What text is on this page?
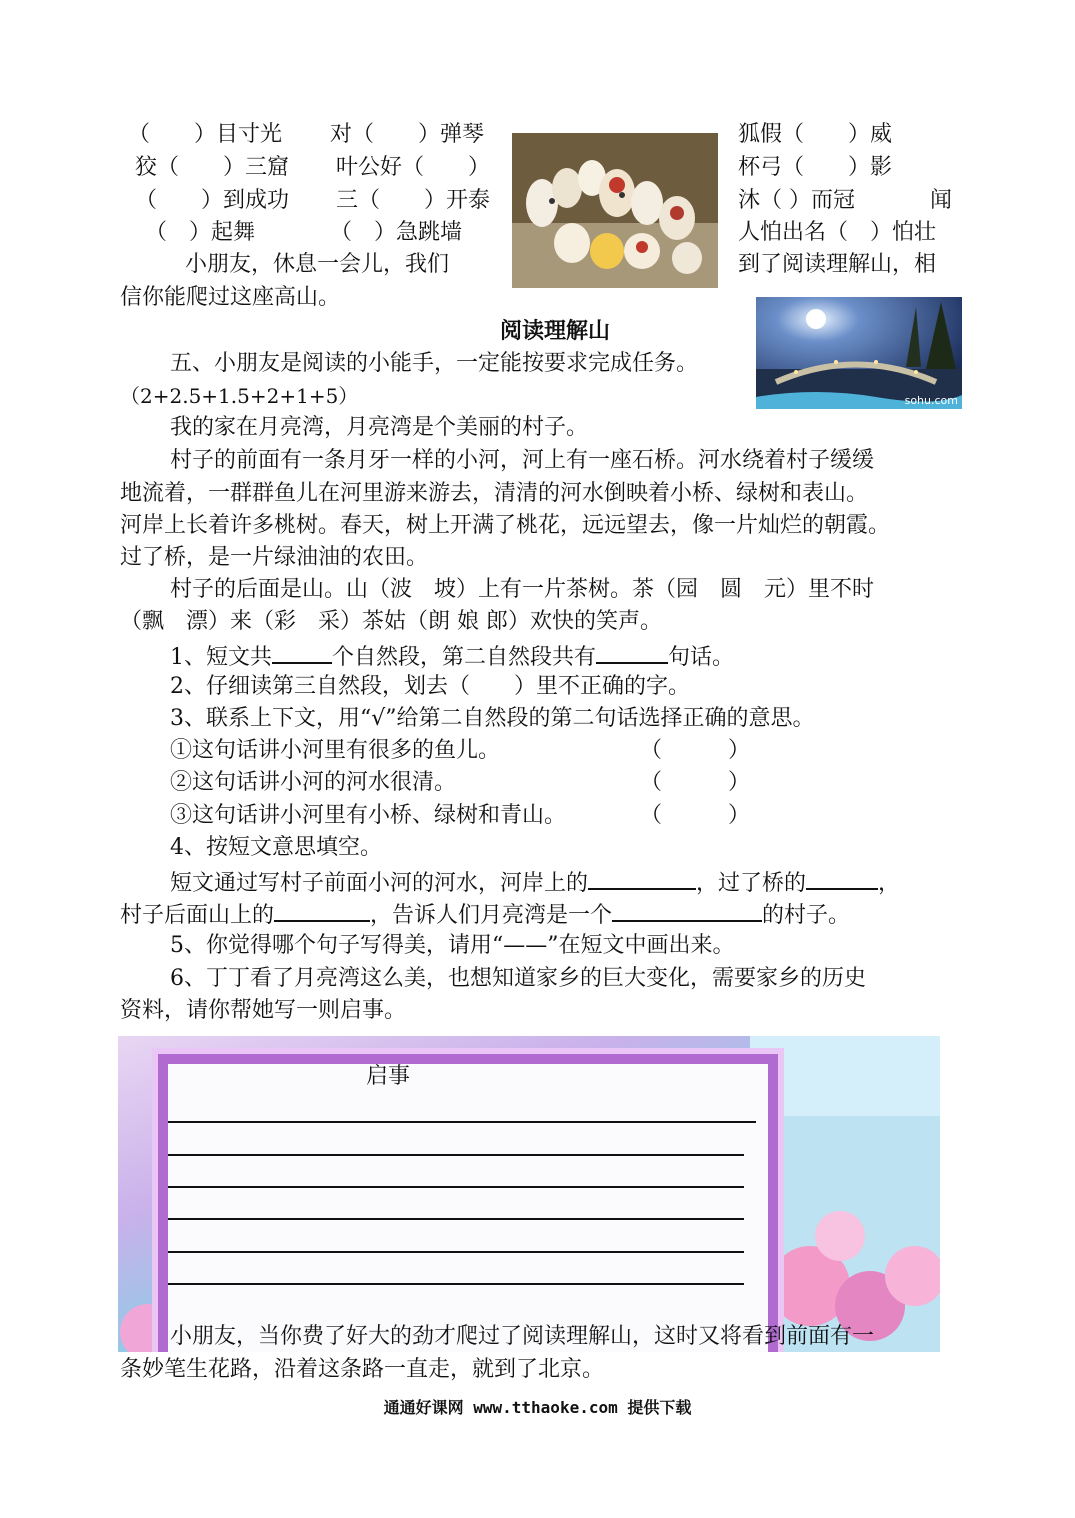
（　　）目寸光 对（　　）弹琴	狐假（　　）威
狡（　　）三窟 叶公好（　　）	杯弓（　　）影
（　　）到成功 三（　　）开泰	沐（ ）而冠	闻
（　）起舞	（　）急跳墙	人怕出名（　）怕壮
小朋友，休息一会儿，我们	到了阅读理解山，相
信你能爬过这座高山。
阅读理解山
sohu.com
五、小朋友是阅读的小能手，一定能按要求完成任务。
（2+2.5+1.5+2+1+5）
我的家在月亮湾，月亮湾是个美丽的村子。
村子的前面有一条月牙一样的小河，河上有一座石桥。河水绕着村子缓缓
地流着，一群群鱼儿在河里游来游去，清清的河水倒映着小桥、绿树和表山。
河岸上长着许多桃树。春天，树上开满了桃花，远远望去，像一片灿烂的朝霞。
过了桥，是一片绿油油的农田。
村子的后面是山。山（波　坡）上有一片茶树。茶（园　圆　元）里不时
（飘　漂）来（彩　采）茶姑（朗 娘 郎）欢快的笑声。
1、短文共	个自然段，第二自然段共有	句话。
2、仔细读第三自然段，划去（　　）里不正确的字。
3、联系上下文，用“√”给第二自然段的第二句话选择正确的意思。
①这句话讲小河里有很多的鱼儿。	（　　　）
②这句话讲小河的河水很清。	（　　　）
③这句话讲小河里有小桥、绿树和青山。	（　　　）
4、按短文意思填空。
短文通过写村子前面小河的河水，河岸上的	，过了桥的	，
村子后面山上的	，告诉人们月亮湾是一个	的村子。
5、你觉得哪个句子写得美，请用“——”在短文中画出来。
6、丁丁看了月亮湾这么美，也想知道家乡的巨大变化，需要家乡的历史
资料，请你帮她写一则启事。
启事
小朋友，当你费了好大的劲才爬过了阅读理解山，这时又将看到前面有一
条妙笔生花路，沿着这条路一直走，就到了北京。
通通好课网 www.tthaoke.com 提供下载
